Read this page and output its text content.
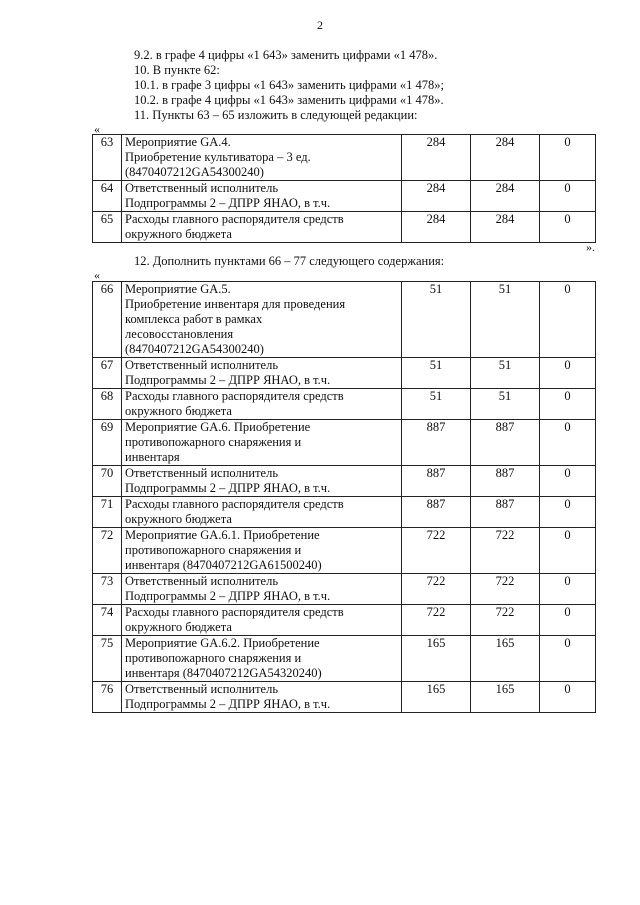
2
9.2. в графе 4 цифры «1 643» заменить цифрами «1 478».
10. В пункте 62:
10.1. в графе 3 цифры «1 643» заменить цифрами «1 478»;
10.2. в графе 4 цифры «1 643» заменить цифрами «1 478».
11. Пункты 63 – 65 изложить в следующей редакции:
«
63	Мероприятие GA.4.
Приобретение культиватора – 3 ед.
(8470407212GA54300240)	284	284	0
64	Ответственный исполнитель
Подпрограммы 2 – ДПРР ЯНАО, в т.ч.	284	284	0
65	Расходы главного распорядителя средств
окружного бюджета	284	284	0
».
12. Дополнить пунктами 66 – 77 следующего содержания:
«
66	Мероприятие GA.5.
Приобретение инвентаря для проведения
комплекса работ в рамках
лесовосстановления
(8470407212GA54300240)	51	51	0
67	Ответственный исполнитель
Подпрограммы 2 – ДПРР ЯНАО, в т.ч.	51	51	0
68	Расходы главного распорядителя средств
окружного бюджета	51	51	0
69	Мероприятие GA.6. Приобретение
противопожарного снаряжения и
инвентаря	887	887	0
70	Ответственный исполнитель
Подпрограммы 2 – ДПРР ЯНАО, в т.ч.	887	887	0
71	Расходы главного распорядителя средств
окружного бюджета	887	887	0
72	Мероприятие GA.6.1. Приобретение
противопожарного снаряжения и
инвентаря (8470407212GA61500240)	722	722	0
73	Ответственный исполнитель
Подпрограммы 2 – ДПРР ЯНАО, в т.ч.	722	722	0
74	Расходы главного распорядителя средств
окружного бюджета	722	722	0
75	Мероприятие GA.6.2. Приобретение
противопожарного снаряжения и
инвентаря (8470407212GA54320240)	165	165	0
76	Ответственный исполнитель
Подпрограммы 2 – ДПРР ЯНАО, в т.ч.	165	165	0
